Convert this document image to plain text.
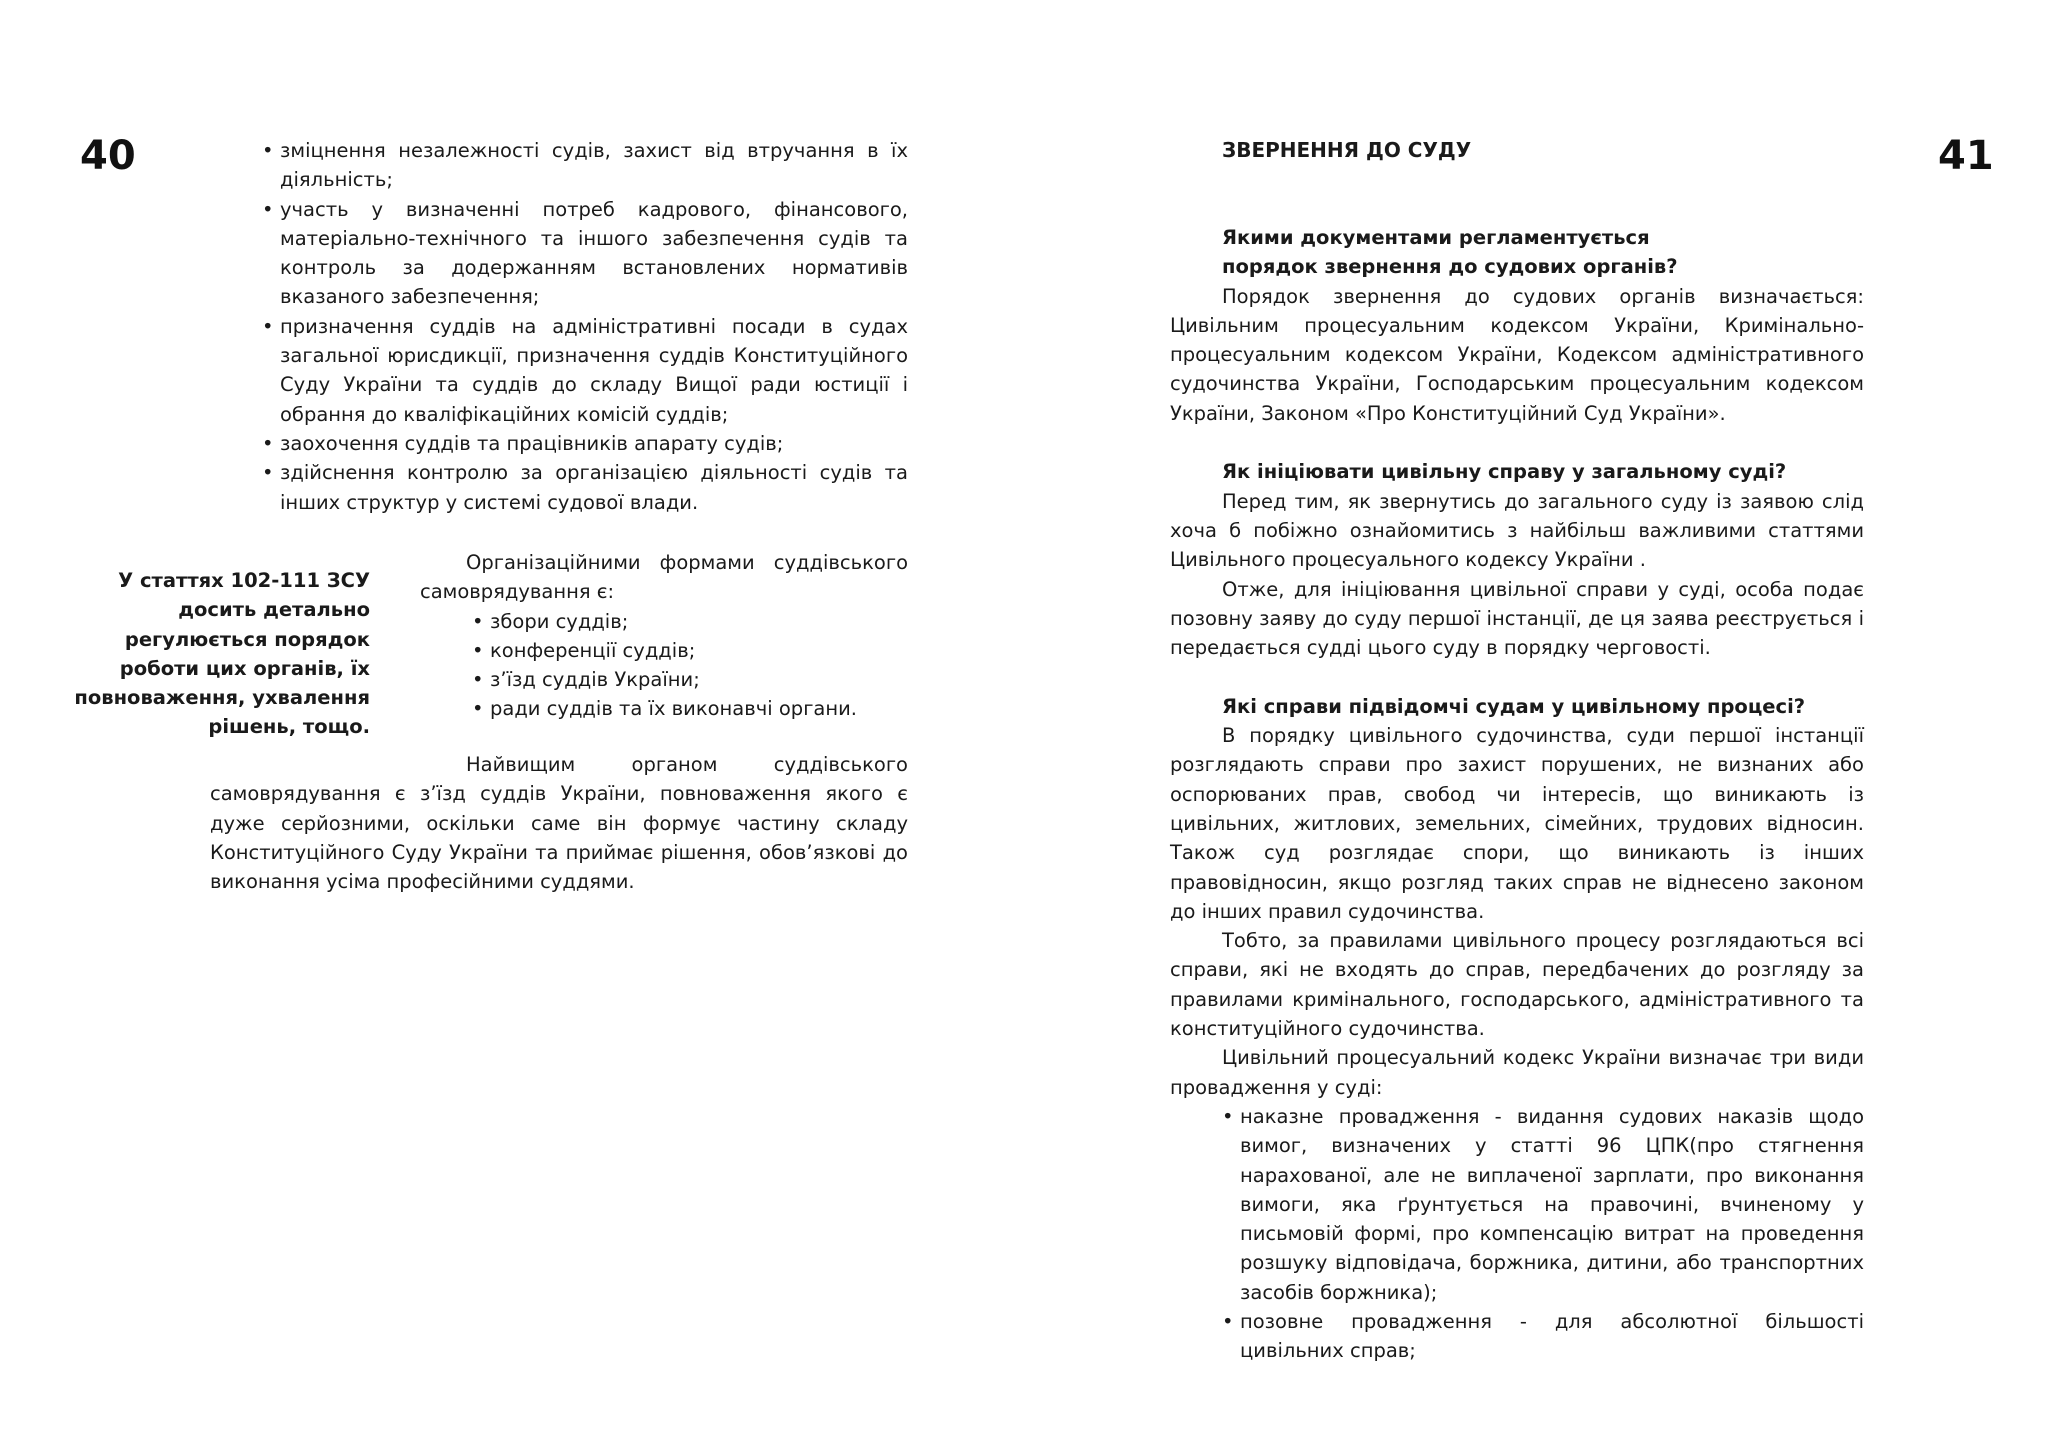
40	41
• зміцнення незалежності судів, захист від втручання в їх діяльність;
• участь у визначенні потреб кадрового, фінансового, матеріально-технічного та іншого забезпечення судів та контроль за додержанням встановлених нормативів вказаного забезпечення;
• призначення суддів на адміністративні посади в судах загальної юрисдикції, призначення суддів Конституційного Суду України та суддів до складу Вищої ради юстиції і обрання до кваліфікаційних комісій суддів;
• заохочення суддів та працівників апарату судів;
• здійснення контролю за організацією діяльності судів та інших структур у системі судової влади.
У статтях 102-111 ЗСУ досить детально регулюється порядок роботи цих органів, їх повноваження, ухвалення рішень, тощо.
Організаційними формами суддівського самоврядування є:
• збори суддів;
• конференції суддів;
• з’їзд суддів України;
• ради суддів та їх виконавчі органи.

Найвищим органом суддівського самоврядування є з’їзд суддів України, повноваження якого є дуже серйозними, оскільки саме він формує частину складу Конституційного Суду України та приймає рішення, обов’язкові до виконання усіма професійними суддями.

ЗВЕРНЕННЯ ДО СУДУ
Якими документами регламентується порядок звернення до судових органів?

Порядок звернення до судових органів визначається: Цивільним процесуальним кодексом України, Кримінально-процесуальним кодексом України, Кодексом адміністративного судочинства України, Господарським процесуальним кодексом України, Законом «Про Конституційний Суд України».

Як ініціювати цивільну справу у загальному суді?

Перед тим, як звернутись до загального суду із заявою слід хоча б побіжно ознайомитись з найбільш важливими статтями Цивільного процесуального кодексу України .

Отже, для ініціювання цивільної справи у суді, особа подає позовну заяву до суду першої інстанції, де ця заява реєструється і передається судді цього суду в порядку черговості.

Які справи підвідомчі судам у цивільному процесі?

В порядку цивільного судочинства, суди першої інстанції розглядають справи про захист порушених, не визнаних або оспорюваних прав, свобод чи інтересів, що виникають із цивільних, житлових, земельних, сімейних, трудових відносин. Також суд розглядає спори, що виникають із інших правовідносин, якщо розгляд таких справ не віднесено законом до інших правил судочинства.

Тобто, за правилами цивільного процесу розглядаються всі справи, які не входять до справ, передбачених до розгляду за правилами кримінального, господарського, адміністративного та конституційного судочинства.

Цивільний процесуальний кодекс України визначає три види провадження у суді:

• наказне провадження - видання судових наказів щодо вимог, визначених у статті 96 ЦПК(про стягнення нарахованої, але не виплаченої зарплати, про виконання вимоги, яка ґрунтується на правочині, вчиненому у письмовій формі, про компенсацію витрат на проведення розшуку відповідача, боржника, дитини, або транспортних засобів боржника);
• позовне провадження - для абсолютної більшості цивільних справ;
